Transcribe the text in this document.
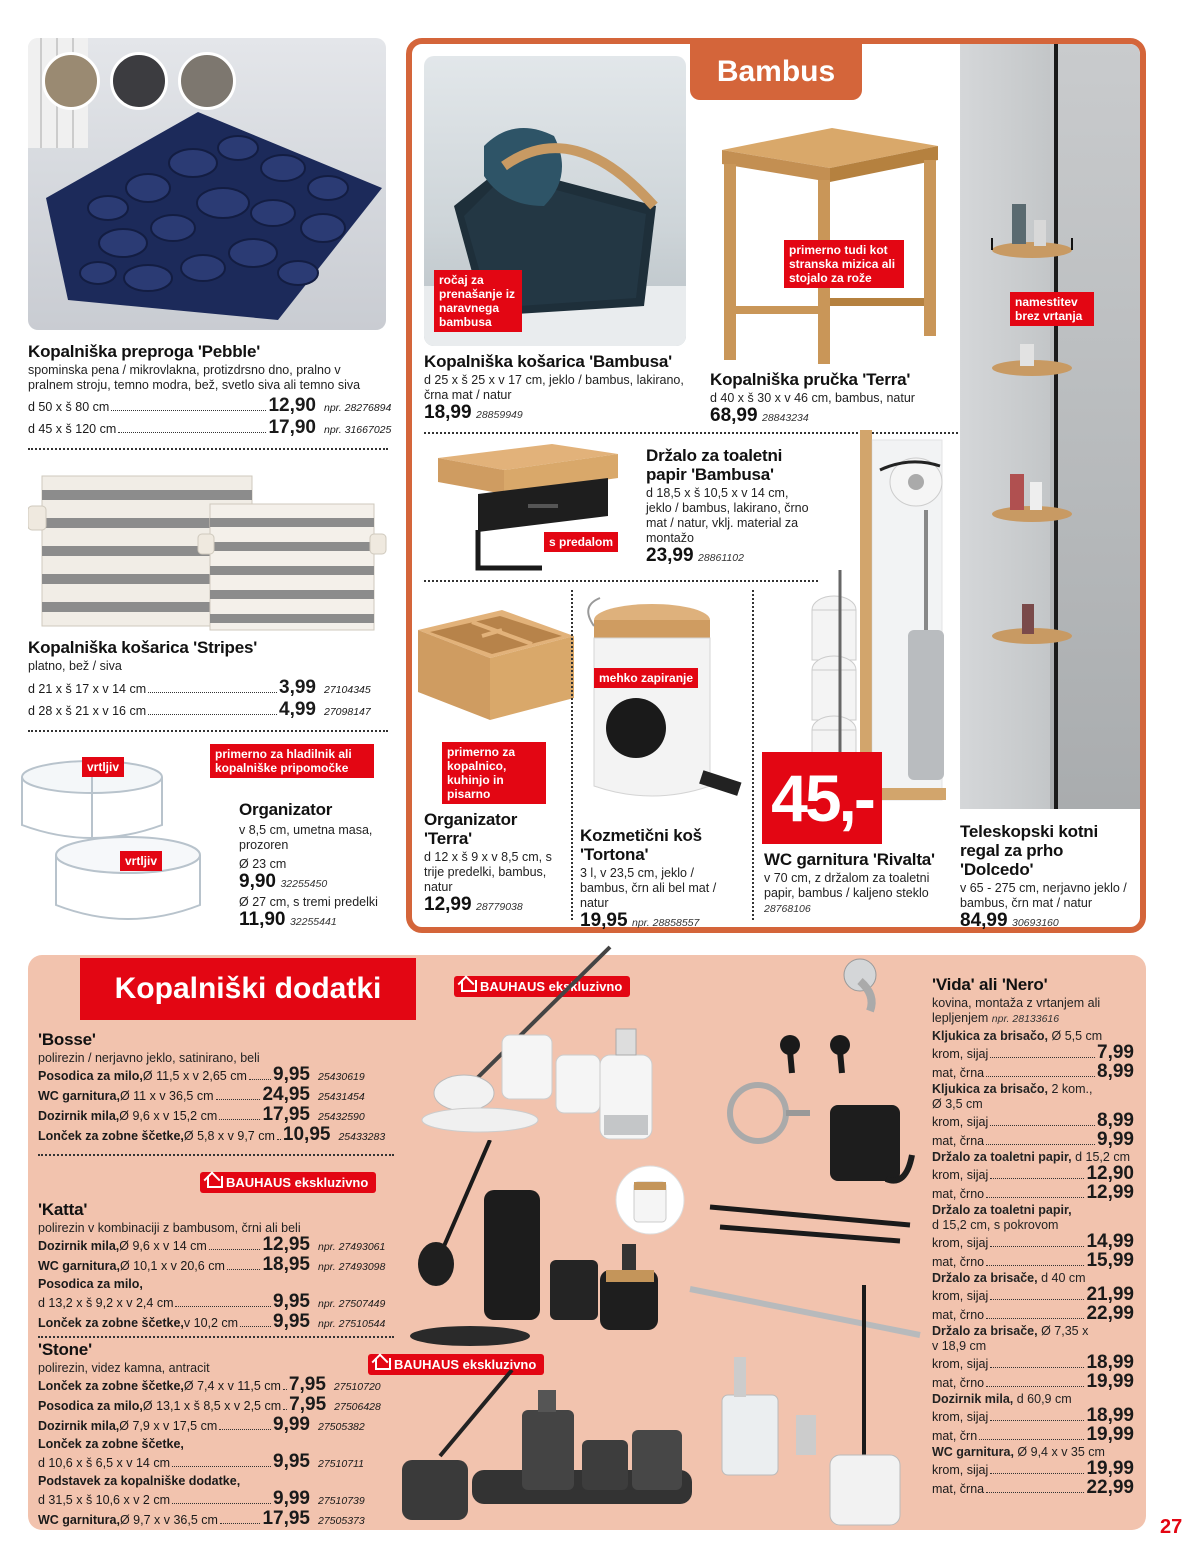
Kopalniška preproga 'Pebble'
spominska pena / mikrovlakna, protizdrsno dno, pralno v pralnem stroju, temno modra, bež, svetlo siva ali temno siva
d 50 x š 80 cm	12,90 npr. 28276894
d 45 x š 120 cm	17,90 npr. 31667025
Kopalniška košarica 'Stripes'
platno, bež / siva
d 21 x š 17 x v 14 cm	3,99 27104345
d 28 x š 21 x v 16 cm	4,99 27098147
vrtljiv
vrtljiv
primerno za hladilnik ali kopalniške pripomočke
Organizator
v 8,5 cm, umetna masa, prozoren
Ø 23 cm
9,90 32255450
Ø 27 cm, s tremi predelki
11,90 32255441
Bambus
ročaj za prenašanje iz naravnega bambusa
Kopalniška košarica 'Bambusa'
d 25 x š 25 x v 17 cm, jeklo / bambus, lakirano, črna mat / natur
18,99 28859949
primerno tudi kot stranska mizica ali stojalo za rože
Kopalniška pručka 'Terra'
d 40 x š 30 x v 46 cm, bambus, natur
68,99 28843234
s predalom
Držalo za toaletni papir 'Bambusa'
d 18,5 x š 10,5 x v 14 cm, jeklo / bambus, lakirano, črno mat / natur, vklj. material za montažo
23,99 28861102
primerno za kopalnico, kuhinjo in pisarno
Organizator 'Terra'
d 12 x š 9 x v 8,5 cm, s trije predelki, bambus, natur
12,99 28779038
mehko zapiranje
Kozmetični koš 'Tortona'
3 l, v 23,5 cm, jeklo / bambus, črn ali bel mat / natur
19,95 npr. 28858557
45,-
WC garnitura 'Rivalta'
v 70 cm, z držalom za toaletni papir, bambus / kaljeno steklo 28768106
namestitev brez vrtanja
Teleskopski kotni regal za prho 'Dolcedo'
v 65 - 275 cm, nerjavno jeklo / bambus, črn mat / natur
84,99 30693160
Kopalniški dodatki	BAUHAUS ekskluzivno
BAUHAUS ekskluzivno
BAUHAUS ekskluzivno
'Bosse'
polirezin / nerjavno jeklo, satinirano, beli
Posodica za milo, Ø 11,5 x v 2,65 cm 9,95 25430619
WC garnitura, Ø 11 x v 36,5 cm	24,95 25431454
Dozirnik mila, Ø 9,6 x v 15,2 cm 17,95 25432590
Lonček za zobne ščetke, Ø 5,8 x v 9,7 cm 10,95 25433283
'Katta'
polirezin v kombinaciji z bambusom, črni ali beli
Dozirnik mila, Ø 9,6 x v 14 cm	12,95 npr. 27493061
WC garnitura, Ø 10,1 x v 20,6 cm 18,95 npr. 27493098
Posodica za milo,
d 13,2 x š 9,2 x v 2,4 cm	9,95 npr. 27507449
Lonček za zobne ščetke, v 10,2 cm 9,95 npr. 27510544
'Stone'
polirezin, videz kamna, antracit
Lonček za zobne ščetke, Ø 7,4 x v 11,5 cm 7,95 27510720
Posodica za milo, Ø 13,1 x š 8,5 x v 2,5 cm 7,95 27506428
Dozirnik mila, Ø 7,9 x v 17,5 cm	9,99 27505382
Lonček za zobne ščetke,
d 10,6 x š 6,5 x v 14 cm	9,95 27510711
Podstavek za kopalniške dodatke,
d 31,5 x š 10,6 x v 2 cm	9,99 27510739
WC garnitura, Ø 9,7 x v 36,5 cm 17,95 27505373
'Vida' ali 'Nero'
kovina, montaža z vrtanjem ali lepljenjem npr. 28133616
Kljukica za brisačo, Ø 5,5 cm
krom, sijaj	7,99
mat, črna	8,99
Kljukica za brisačo, 2 kom.,
Ø 3,5 cm
krom, sijaj	8,99
mat, črna	9,99
Držalo za toaletni papir, d 15,2 cm
krom, sijaj	12,90
mat, črno	12,99
Držalo za toaletni papir,
d 15,2 cm, s pokrovom
krom, sijaj	14,99
mat, črno	15,99
Držalo za brisače, d 40 cm
krom, sijaj	21,99
mat, črno	22,99
Držalo za brisače, Ø 7,35 x
v 18,9 cm
krom, sijaj	18,99
mat, črno	19,99
Dozirnik mila, d 60,9 cm
krom, sijaj	18,99
mat, črn	19,99
WC garnitura, Ø 9,4 x v 35 cm
krom, sijaj	19,99
mat, črna	22,99
27
